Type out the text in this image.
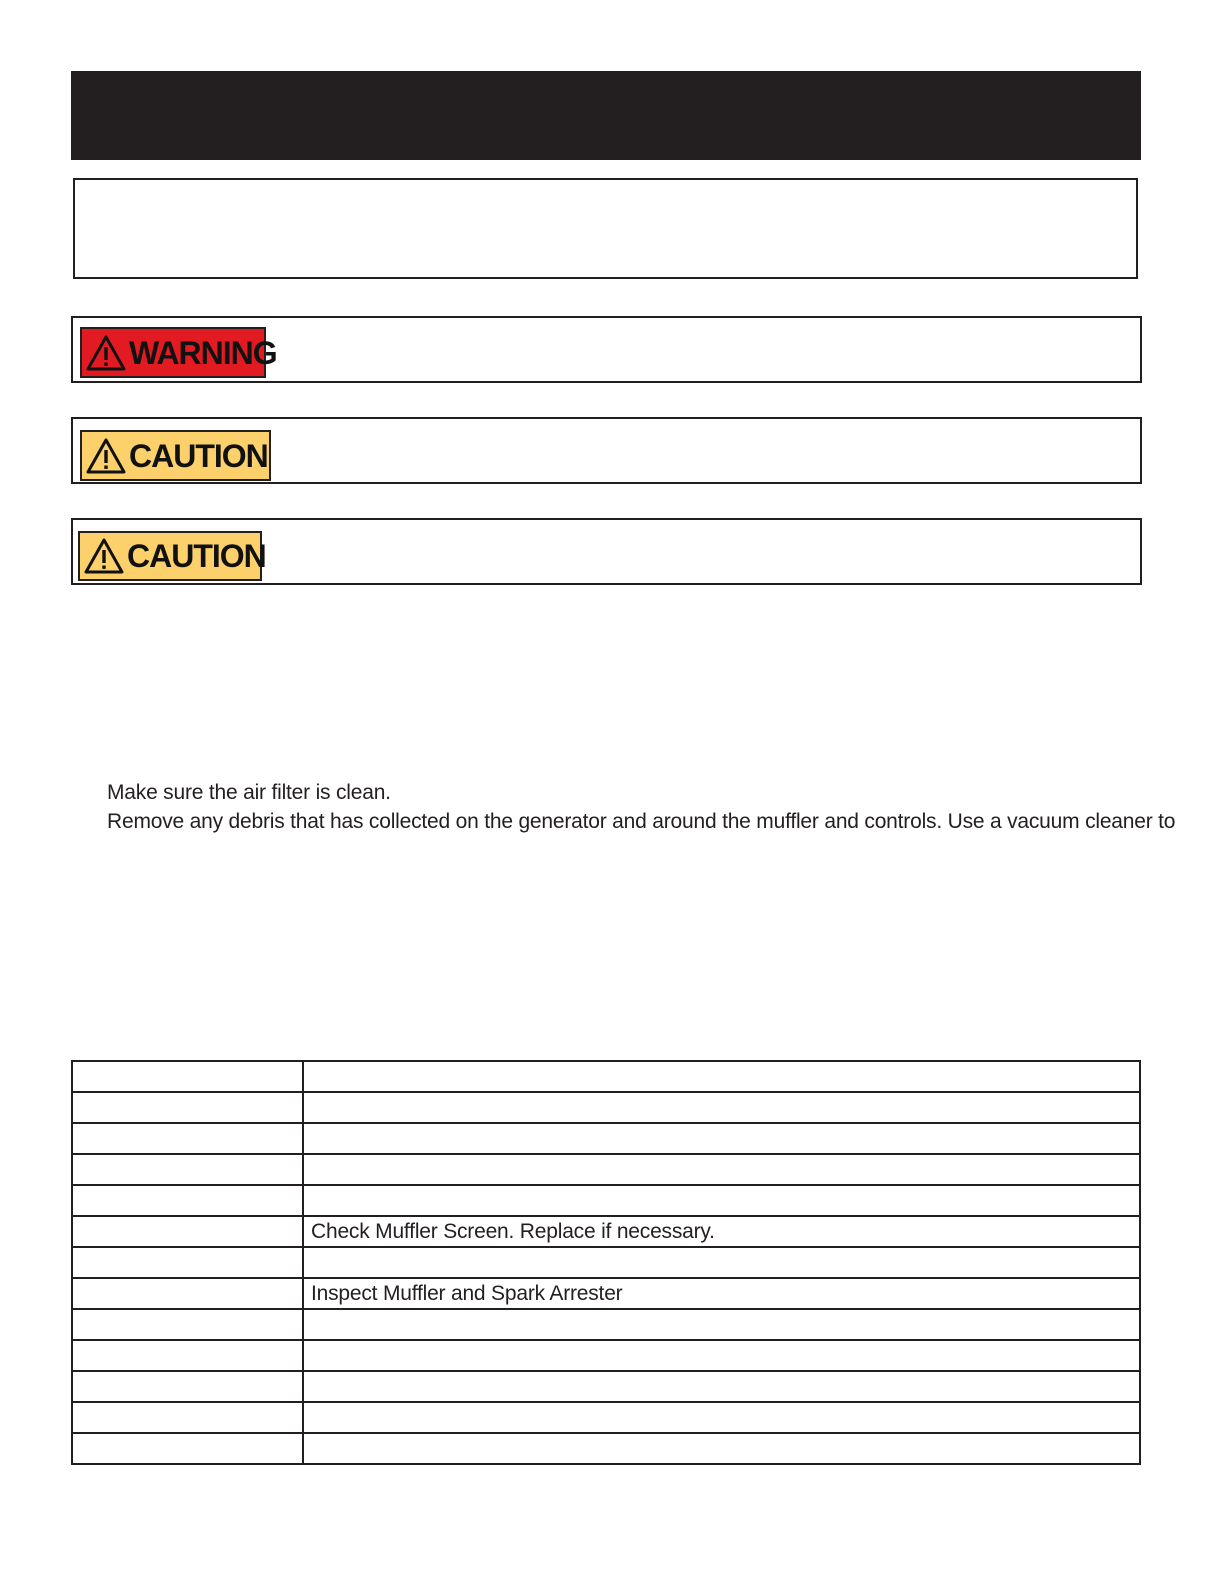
WARNING
CAUTION
CAUTION
Make sure the air filter is clean.
Remove any debris that has collected on the generator and around the muffler and controls. Use a vacuum cleaner to

	Check Muffler Screen. Replace if necessary.

	Inspect Muffler and Spark Arrester
